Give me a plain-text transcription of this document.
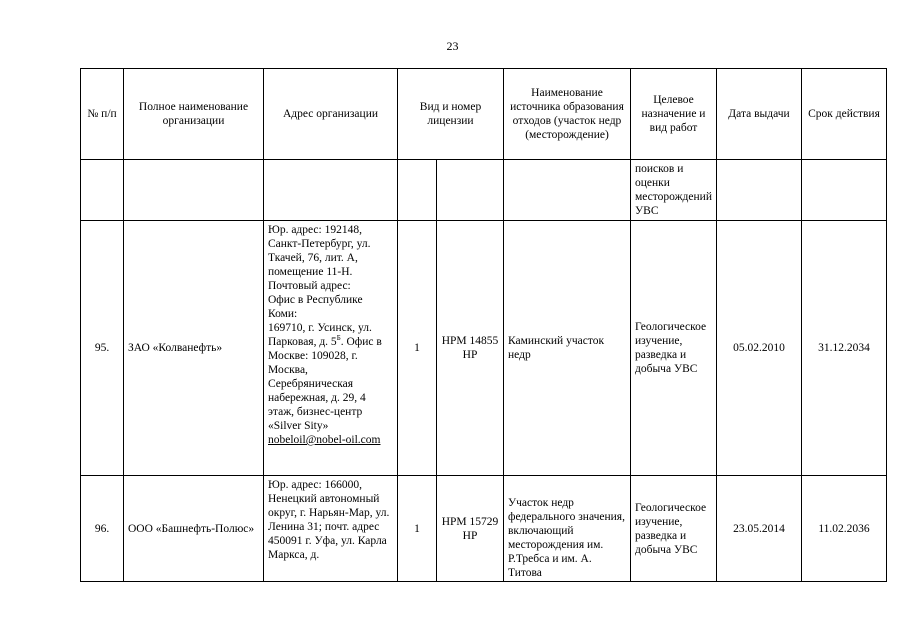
23
№ п/п	Полное наименование организации	Адрес организации	Вид и номер лицензии		Наименование источника образования отходов (участок недр (месторождение)	Целевое назначение и вид работ	Дата выдачи	Срок действия
						поисков и оценки месторождений УВС		
95.	ЗАО «Колванефть»	Юр. адрес: 192148, Санкт-Петербург, ул. Ткачей, 76, лит. А, помещение 11-Н.
Почтовый адрес:
Офис в Республике Коми:
169710, г. Усинск, ул. Парковая, д. $5^Б$. Офис в Москве: 109028, г. Москва, Серебряническая набережная, д. 29, 4 этаж, бизнес-центр «Silver Sity»
nobeloil@nobel-oil.com	1	НРМ 14855 НР	Каминский участок недр	Геологическое изучение, разведка и добыча УВС	05.02.2010	31.12.2034
96.	ООО «Башнефть-Полюс»	Юр. адрес: 166000, Ненецкий автономный округ, г. Нарьян-Мар, ул. Ленина 31; почт. адрес 450091 г. Уфа, ул. Карла Маркса, д.	1	НРМ 15729 НР	Участок недр федерального значения, включающий месторождения им. Р.Требса и им. А. Титова	Геологическое изучение, разведка и добыча УВС	23.05.2014	11.02.2036
